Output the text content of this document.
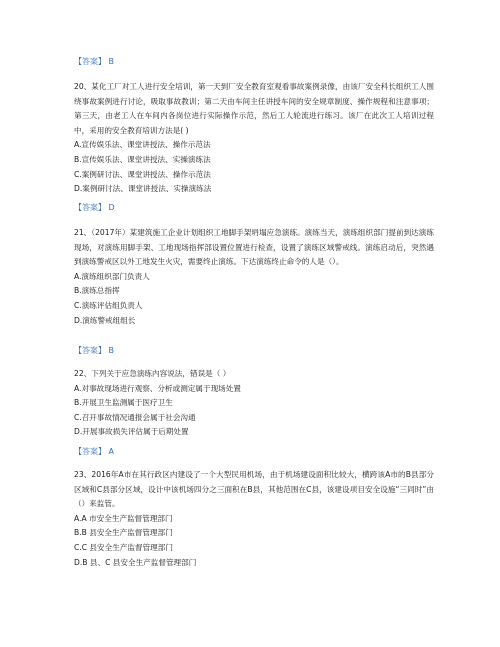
【答案】 B
20、某化工厂对工人进行安全培训，第一天到厂安全教育室观看事故案例录像，由该厂安全科长组织工人围绕事故案例进行讨论，吸取事故教训；第二天由车间主任讲授车间的安全规章制度、操作规程和注意事项；第三天，由老工人在车间内各岗位进行实际操作示范，然后工人轮流进行练习。该厂在此次工人培训过程中，采用的安全教育培训方法是( )
A.宣传娱乐法、课堂讲授法、操作示范法
B.宣传娱乐法、课堂讲授法、实操演练法
C.案例研讨法、课堂讲授法、操作示范法
D.案例研讨法、课堂讲授法、实操演练法
【答案】 D
21、（2017年）某建筑施工企业计划组织工地脚手架坍塌应急演练。演练当天，演练组织部门提前到达演练现场，对演练用脚手架、工地现场指挥部设置位置进行检查，设置了演练区域警戒线。演练启动后，突然遇到演练警戒区以外工地发生火灾，需要终止演练。下达演练终止命令的人是（）。
A.演练组织部门负责人
B.演练总指挥
C.演练评估组负责人
D.演练警戒组组长
【答案】 B
22、下列关于应急演练内容说法，错误是（ ）
A.对事故现场进行观察、分析或测定属于现场处置
B.开展卫生监测属于医疗卫生
C.召开事故情况通报会属于社会沟通
D.开展事故损失评估属于后期处置
【答案】 A
23、2016年A市在其行政区内建设了一个大型民用机场，由于机场建设面积比较大，横跨该A市的B县部分区域和C县部分区域，设计中该机场四分之三面积在B县，其他范围在C县，该建设项目安全设施“三同时”由（）来监管。
A.A 市安全生产监督管理部门
B.B 县安全生产监督管理部门
C.C 县安全生产监督管理部门
D.B 县、C 县安全生产监督管理部门
